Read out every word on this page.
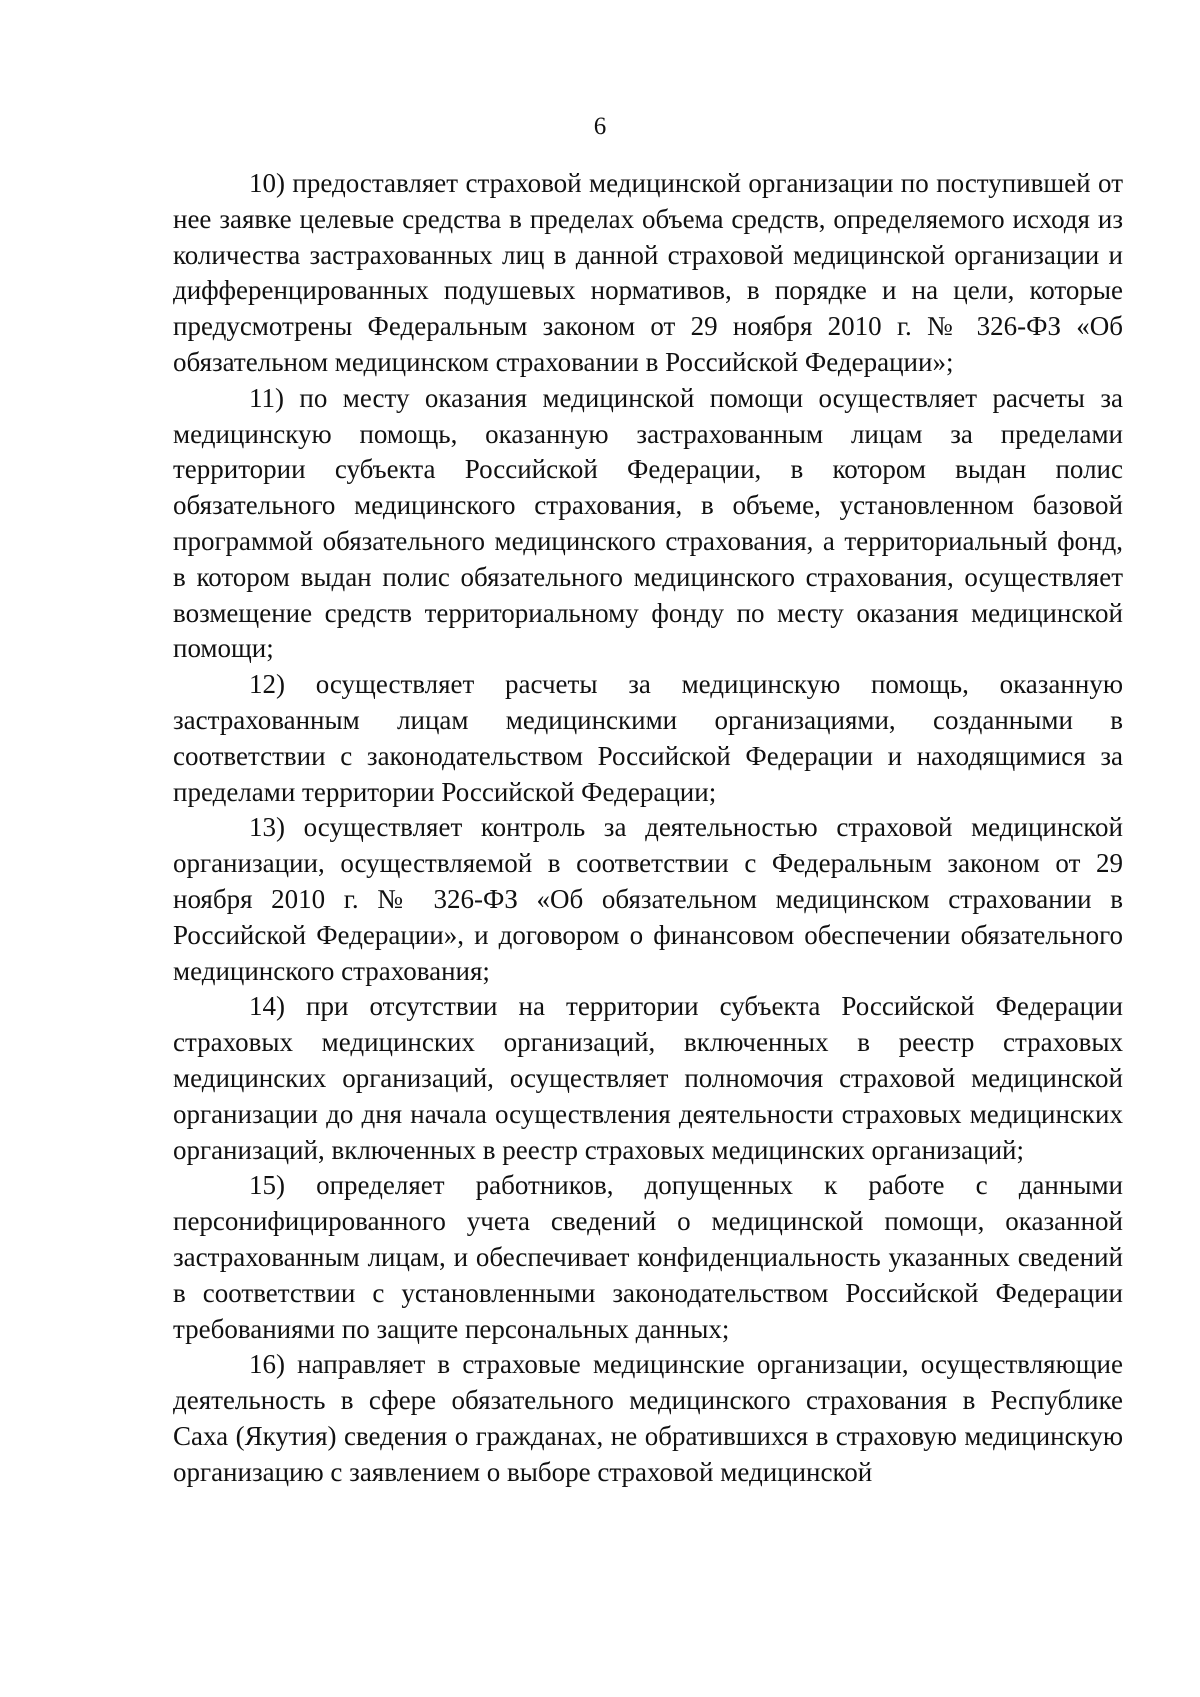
6

10) предоставляет страховой медицинской организации по поступившей от нее заявке целевые средства в пределах объема средств, определяемого исходя из количества застрахованных лиц в данной страховой медицинской организации и дифференцированных подушевых нормативов, в порядке и на цели, которые предусмотрены Федеральным законом от 29 ноября 2010 г. № 326-ФЗ «Об обязательном медицинском страховании в Российской Федерации»;

11) по месту оказания медицинской помощи осуществляет расчеты за медицинскую помощь, оказанную застрахованным лицам за пределами территории субъекта Российской Федерации, в котором выдан полис обязательного медицинского страхования, в объеме, установленном базовой программой обязательного медицинского страхования, а территориальный фонд, в котором выдан полис обязательного медицинского страхования, осуществляет возмещение средств территориальному фонду по месту оказания медицинской помощи;

12) осуществляет расчеты за медицинскую помощь, оказанную застрахованным лицам медицинскими организациями, созданными в соответствии с законодательством Российской Федерации и находящимися за пределами территории Российской Федерации;

13) осуществляет контроль за деятельностью страховой медицинской организации, осуществляемой в соответствии с Федеральным законом от 29 ноября 2010 г. № 326-ФЗ «Об обязательном медицинском страховании в Российской Федерации», и договором о финансовом обеспечении обязательного медицинского страхования;

14) при отсутствии на территории субъекта Российской Федерации страховых медицинских организаций, включенных в реестр страховых медицинских организаций, осуществляет полномочия страховой медицинской организации до дня начала осуществления деятельности страховых медицинских организаций, включенных в реестр страховых медицинских организаций;

15) определяет работников, допущенных к работе с данными персонифицированного учета сведений о медицинской помощи, оказанной застрахованным лицам, и обеспечивает конфиденциальность указанных сведений в соответствии с установленными законодательством Российской Федерации требованиями по защите персональных данных;

16) направляет в страховые медицинские организации, осуществляющие деятельность в сфере обязательного медицинского страхования в Республике Саха (Якутия) сведения о гражданах, не обратившихся в страховую медицинскую организацию с заявлением о выборе страховой медицинской
